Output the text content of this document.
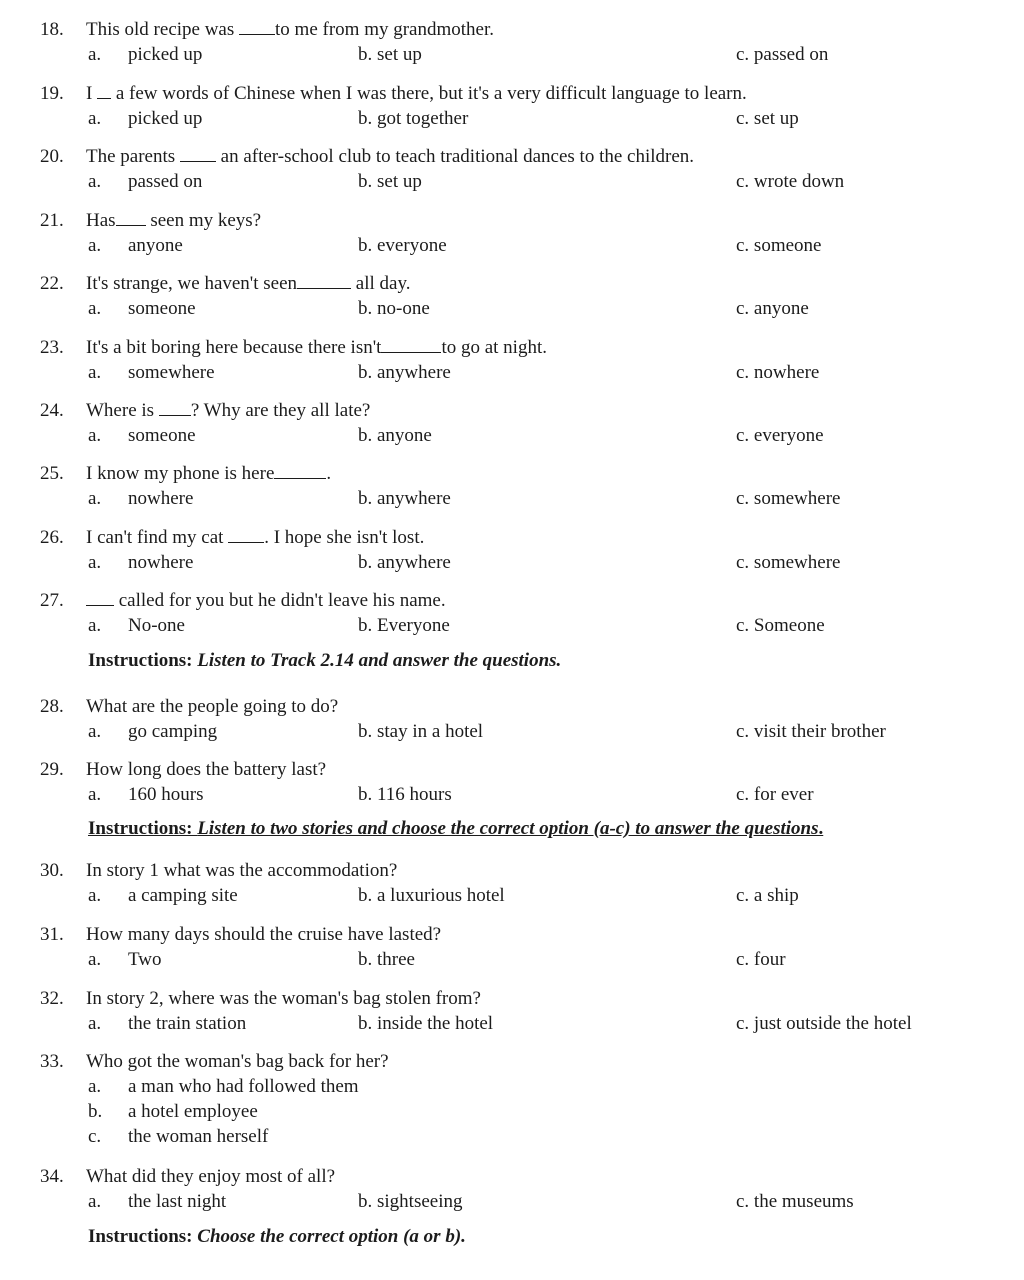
18. This old recipe was to me from my grandmother.
a. picked up	b. set up	c. passed on
19. I  a few words of Chinese when I was there, but it's a very difficult language to learn.
a. picked up	b. got together	c. set up
20. The parents  an after-school club to teach traditional dances to the children.
a. passed on	b. set up	c. wrote down
21. Has seen my keys?
a. anyone	b. everyone	c. someone
22. It's strange, we haven't seen	all day.
a. someone	b. no-one	c. anyone
23. It's a bit boring here because there isn't	to go at night.
a. somewhere	b. anywhere	c. nowhere
24. Where is ? Why are they all late?
a. someone	b. anyone	c. everyone
25. I know my phone is here	.
a. nowhere	b. anywhere	c. somewhere
26. I can't find my cat . I hope she isn't lost.
a. nowhere	b. anywhere	c. somewhere
27.	called for you but he didn't leave his name.
a. No-one	b. Everyone	c. Someone
Instructions: Listen to Track 2.14 and answer the questions.
28. What are the people going to do?
a. go camping	b. stay in a hotel	c. visit their brother
29. How long does the battery last?
a. 160 hours	b. 116 hours	c. for ever
Instructions: Listen to two stories and choose the correct option (a-c) to answer the questions.
30. In story 1 what was the accommodation?
a. a camping site	b. a luxurious hotel	c. a ship
31. How many days should the cruise have lasted?
a. Two	b. three	c. four
32. In story 2, where was the woman's bag stolen from?
a. the train station	b. inside the hotel	c. just outside the hotel
33. Who got the woman's bag back for her?
a. a man who had followed them
b. a hotel employee
c. the woman herself
34. What did they enjoy most of all?
a. the last night	b. sightseeing	c. the museums
Instructions: Choose the correct option (a or b).
